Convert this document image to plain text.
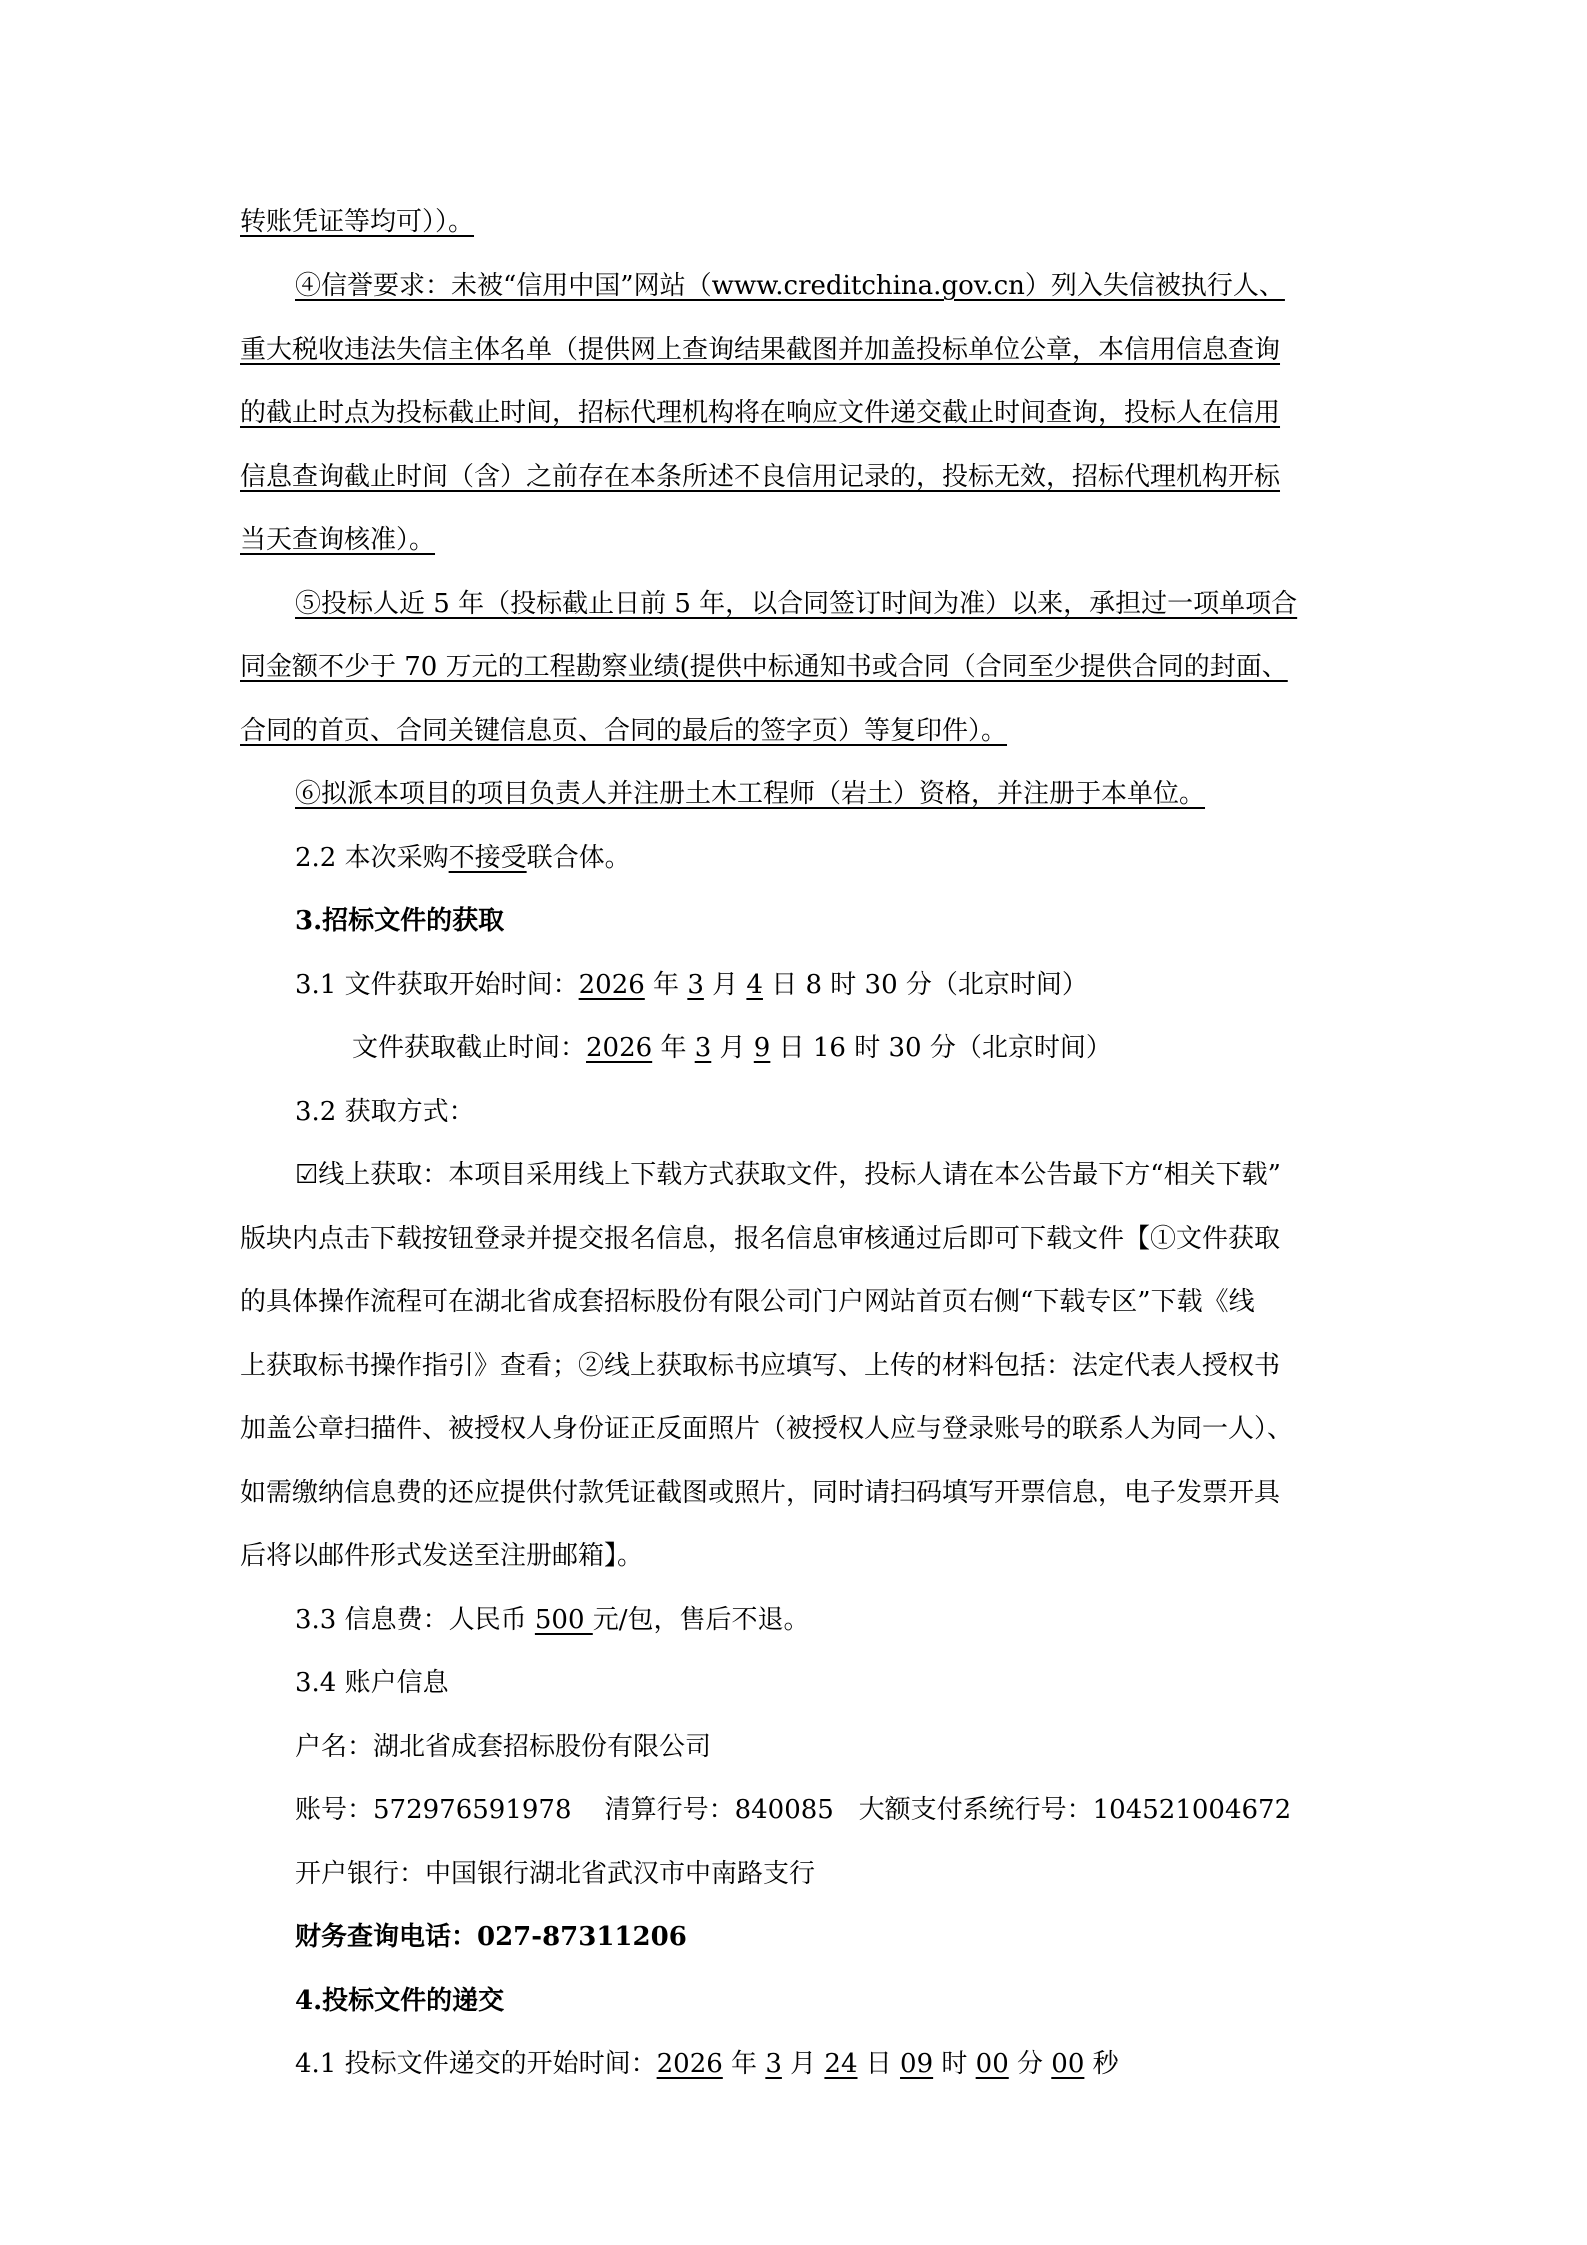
转账凭证等均可））。
④信誉要求：未被“信用中国”网站（www.creditchina.gov.cn）列入失信被执行人、
重大税收违法失信主体名单（提供网上查询结果截图并加盖投标单位公章，本信用信息查询
的截止时点为投标截止时间，招标代理机构将在响应文件递交截止时间查询，投标人在信用
信息查询截止时间（含）之前存在本条所述不良信用记录的，投标无效，招标代理机构开标
当天查询核准）。
⑤投标人近 5 年（投标截止日前 5 年，以合同签订时间为准）以来，承担过一项单项合
同金额不少于 70 万元的工程勘察业绩(提供中标通知书或合同（合同至少提供合同的封面、
合同的首页、合同关键信息页、合同的最后的签字页）等复印件）。
⑥拟派本项目的项目负责人并注册土木工程师（岩土）资格，并注册于本单位。
2.2 本次采购不接受联合体。
3.招标文件的获取
3.1 文件获取开始时间：2026 年 3 月 4 日 8 时 30 分（北京时间）
文件获取截止时间：2026 年 3 月 9 日 16 时 30 分（北京时间）
3.2 获取方式：
☑线上获取：本项目采用线上下载方式获取文件，投标人请在本公告最下方“相关下载”
版块内点击下载按钮登录并提交报名信息，报名信息审核通过后即可下载文件【①文件获取
的具体操作流程可在湖北省成套招标股份有限公司门户网站首页右侧“下载专区”下载《线
上获取标书操作指引》查看；②线上获取标书应填写、上传的材料包括：法定代表人授权书
加盖公章扫描件、被授权人身份证正反面照片（被授权人应与登录账号的联系人为同一人）、
如需缴纳信息费的还应提供付款凭证截图或照片，同时请扫码填写开票信息，电子发票开具
后将以邮件形式发送至注册邮箱】。
3.3 信息费：人民币 500 元/包，售后不退。
3.4 账户信息
户名：湖北省成套招标股份有限公司
账号：572976591978    清算行号：840085   大额支付系统行号：104521004672
开户银行：中国银行湖北省武汉市中南路支行
财务查询电话：027-87311206
4.投标文件的递交
4.1 投标文件递交的开始时间：2026 年 3 月 24 日 09 时 00 分 00 秒
